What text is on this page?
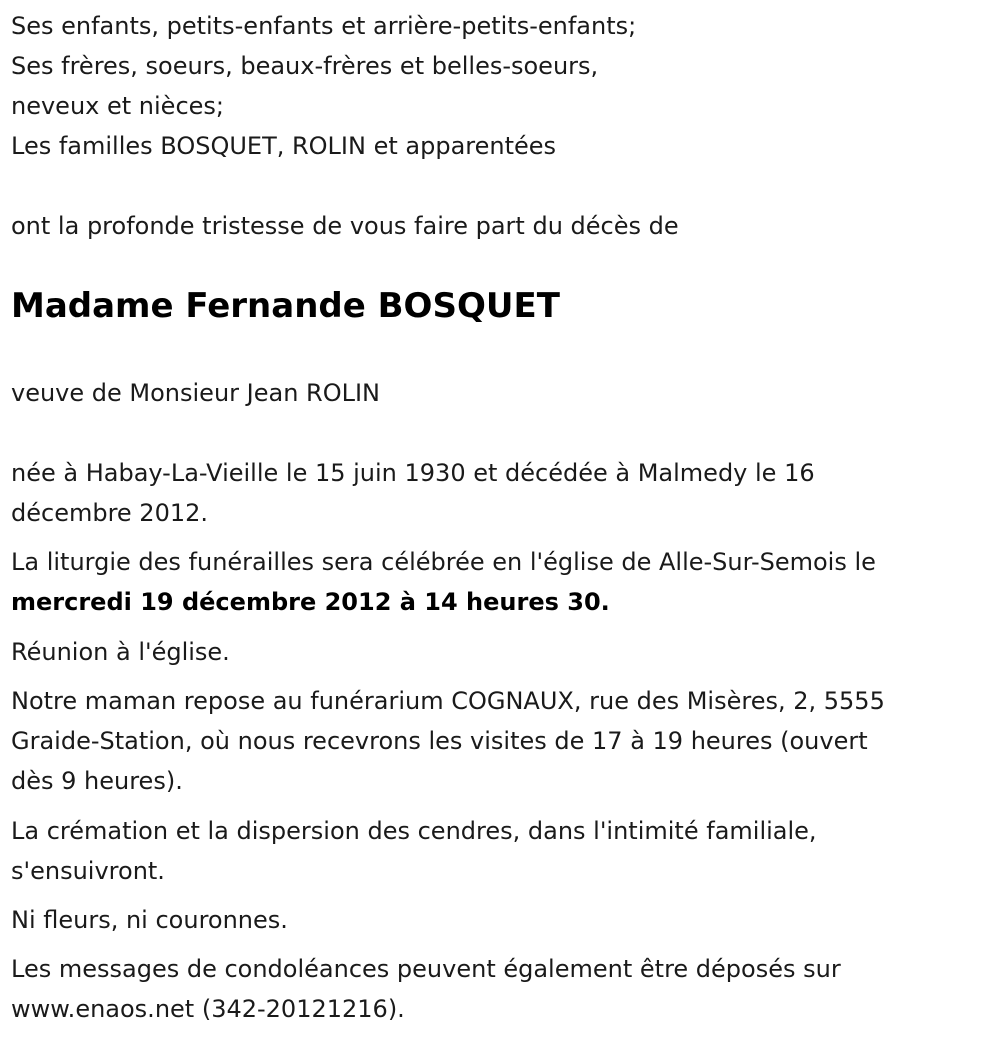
Ses enfants, petits-enfants et arrière-petits-enfants;
Ses frères, soeurs, beaux-frères et belles-soeurs,
neveux et nièces;
Les familles BOSQUET, ROLIN et apparentées
ont la profonde tristesse de vous faire part du décès de
Madame Fernande BOSQUET
veuve de Monsieur Jean ROLIN
née à Habay-La-Vieille le 15 juin 1930 et décédée à Malmedy le 16
décembre 2012.
La liturgie des funérailles sera célébrée en l'église de Alle-Sur-Semois le
mercredi 19 décembre 2012 à 14 heures 30.
Réunion à l'église.
Notre maman repose au funérarium COGNAUX, rue des Misères, 2, 5555
Graide-Station, où nous recevrons les visites de 17 à 19 heures (ouvert
dès 9 heures).
La crémation et la dispersion des cendres, dans l'intimité familiale,
s'ensuivront.
Ni fleurs, ni couronnes.
Les messages de condoléances peuvent également être déposés sur
www.enaos.net (342-20121216).
